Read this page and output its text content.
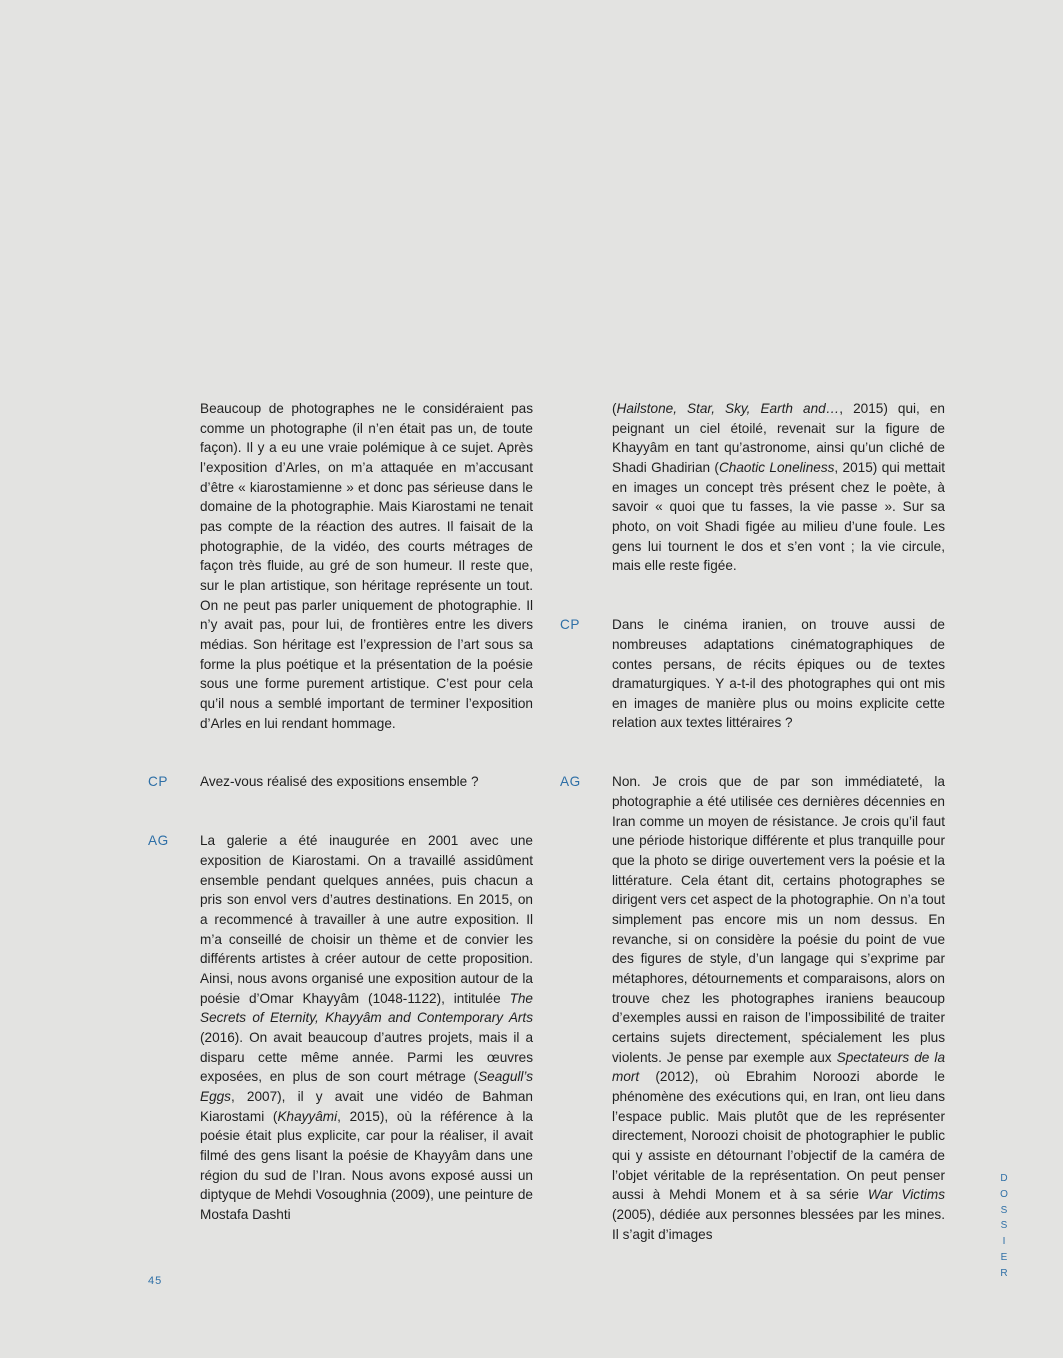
Beaucoup de photographes ne le considéraient pas comme un photographe (il n’en était pas un, de toute façon). Il y a eu une vraie polémique à ce sujet. Après l’exposition d’Arles, on m’a attaquée en m’accusant d’être « kiarostamienne » et donc pas sérieuse dans le domaine de la photographie. Mais Kiarostami ne tenait pas compte de la réaction des autres. Il faisait de la photographie, de la vidéo, des courts métrages de façon très fluide, au gré de son humeur. Il reste que, sur le plan artistique, son héritage représente un tout. On ne peut pas parler uniquement de photographie. Il n’y avait pas, pour lui, de frontières entre les divers médias. Son héritage est l’expression de l’art sous sa forme la plus poétique et la présentation de la poésie sous une forme purement artistique. C’est pour cela qu’il nous a semblé important de terminer l’exposition d’Arles en lui rendant hommage.

CP Avez-vous réalisé des expositions ensemble ?

AG La galerie a été inaugurée en 2001 avec une exposition de Kiarostami. On a travaillé assidûment ensemble pendant quelques années, puis chacun a pris son envol vers d’autres destinations. En 2015, on a recommencé à travailler à une autre exposition. Il m’a conseillé de choisir un thème et de convier les différents artistes à créer autour de cette proposition. Ainsi, nous avons organisé une exposition autour de la poésie d’Omar Khayyâm (1048-1122), intitulée The Secrets of Eternity, Khayyâm and Contemporary Arts (2016). On avait beaucoup d’autres projets, mais il a disparu cette même année. Parmi les œuvres exposées, en plus de son court métrage (Seagull’s Eggs, 2007), il y avait une vidéo de Bahman Kiarostami (Khayyâmi, 2015), où la référence à la poésie était plus explicite, car pour la réaliser, il avait filmé des gens lisant la poésie de Khayyâm dans une région du sud de l’Iran. Nous avons exposé aussi un diptyque de Mehdi Vosoughnia (2009), une peinture de Mostafa Dashti

(Hailstone, Star, Sky, Earth and…, 2015) qui, en peignant un ciel étoilé, revenait sur la figure de Khayyâm en tant qu’astronome, ainsi qu’un cliché de Shadi Ghadirian (Chaotic Loneliness, 2015) qui mettait en images un concept très présent chez le poète, à savoir « quoi que tu fasses, la vie passe ». Sur sa photo, on voit Shadi figée au milieu d’une foule. Les gens lui tournent le dos et s’en vont ; la vie circule, mais elle reste figée.

CP Dans le cinéma iranien, on trouve aussi de nombreuses adaptations cinématographiques de contes persans, de récits épiques ou de textes dramaturgiques. Y a-t-il des photographes qui ont mis en images de manière plus ou moins explicite cette relation aux textes littéraires ?

AG Non. Je crois que de par son immédiateté, la photographie a été utilisée ces dernières décennies en Iran comme un moyen de résistance. Je crois qu’il faut une période historique différente et plus tranquille pour que la photo se dirige ouvertement vers la poésie et la littérature. Cela étant dit, certains photographes se dirigent vers cet aspect de la photographie. On n’a tout simplement pas encore mis un nom dessus. En revanche, si on considère la poésie du point de vue des figures de style, d’un langage qui s’exprime par métaphores, détournements et comparaisons, alors on trouve chez les photographes iraniens beaucoup d’exemples aussi en raison de l’impossibilité de traiter certains sujets directement, spécialement les plus violents. Je pense par exemple aux Spectateurs de la mort (2012), où Ebrahim Noroozi aborde le phénomène des exécutions qui, en Iran, ont lieu dans l’espace public. Mais plutôt que de les représenter directement, Noroozi choisit de photographier le public qui y assiste en détournant l’objectif de la caméra de l’objet véritable de la représentation. On peut penser aussi à Mehdi Monem et à sa série War Victims (2005), dédiée aux personnes blessées par les mines. Il s’agit d’images

45
D
O
S
S
I
E
R
